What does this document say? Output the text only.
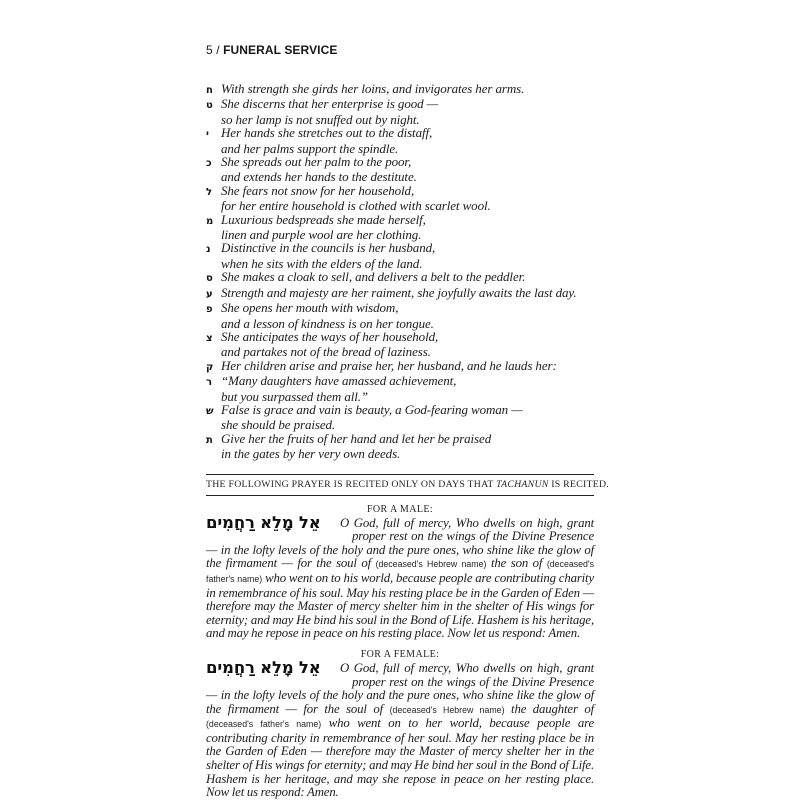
5 / FUNERAL SERVICE
ח With strength she girds her loins, and invigorates her arms.
ט She discerns that her enterprise is good —
so her lamp is not snuffed out by night.
י Her hands she stretches out to the distaff,
and her palms support the spindle.
כ She spreads out her palm to the poor,
and extends her hands to the destitute.
ל She fears not snow for her household,
for her entire household is clothed with scarlet wool.
מ Luxurious bedspreads she made herself,
linen and purple wool are her clothing.
נ Distinctive in the councils is her husband,
when he sits with the elders of the land.
ס She makes a cloak to sell, and delivers a belt to the peddler.
ע Strength and majesty are her raiment, she joyfully awaits the last day.
פ She opens her mouth with wisdom,
and a lesson of kindness is on her tongue.
צ She anticipates the ways of her household,
and partakes not of the bread of laziness.
ק Her children arise and praise her, her husband, and he lauds her:
ר “Many daughters have amassed achievement,
but you surpassed them all.”
ש False is grace and vain is beauty, a God-fearing woman —
she should be praised.
ת Give her the fruits of her hand and let her be praised
in the gates by her very own deeds.
THE FOLLOWING PRAYER IS RECITED ONLY ON DAYS THAT TACHANUN IS RECITED.
FOR A MALE:
אֵל מָלֵא רַחֲמִים	O God, full of mercy, Who dwells on high, grant proper rest on the wings of the Divine Presence — in the lofty levels of the holy and the pure ones, who shine like the glow of the firmament — for the soul of (deceased's Hebrew name) the son of (deceased's father's name) who went on to his world, because people are contributing charity in remembrance of his soul. May his resting place be in the Garden of Eden — therefore may the Master of mercy shelter him in the shelter of His wings for eternity; and may He bind his soul in the Bond of Life. Hashem is his heritage, and may he repose in peace on his resting place. Now let us respond: Amen.
FOR A FEMALE:
אֵל מָלֵא רַחֲמִים	O God, full of mercy, Who dwells on high, grant proper rest on the wings of the Divine Presence — in the lofty levels of the holy and the pure ones, who shine like the glow of the firmament — for the soul of (deceased's Hebrew name) the daughter of (deceased's father's name) who went on to her world, because people are contributing charity in remembrance of her soul. May her resting place be in the Garden of Eden — therefore may the Master of mercy shelter her in the shelter of His wings for eternity; and may He bind her soul in the Bond of Life. Hashem is her heritage, and may she repose in peace on her resting place. Now let us respond: Amen.
